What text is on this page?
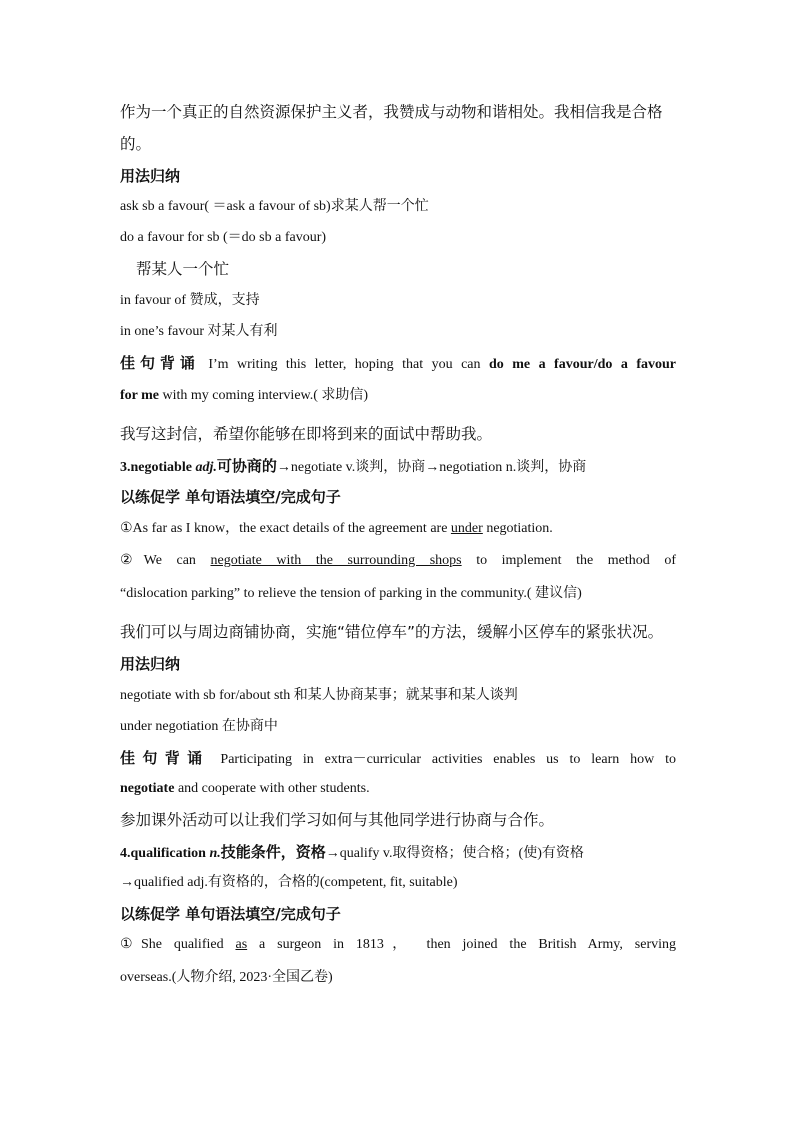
作为一个真正的自然资源保护主义者，我赞成与动物和谐相处。我相信我是合格
的。
用法归纳
ask sb a favour( ＝ask a favour of sb)求某人帮一个忙
do a favour for sb (＝do sb a favour)
帮某人一个忙
in favour of 赞成，支持
in one’s favour 对某人有利
佳句背诵 I’m writing this letter, hoping that you can do me a favour/do a favour
for me with my coming interview.( 求助信)
我写这封信，希望你能够在即将到来的面试中帮助我。
3.negotiable adj.可协商的→negotiate v.谈判，协商→negotiation n.谈判，协商
以练促学 单句语法填空/完成句子
①As far as I know，the exact details of the agreement are under negotiation.
②We can negotiate with the surrounding shops to implement the method of
“dislocation parking” to relieve the tension of parking in the community.( 建议信)
我们可以与周边商铺协商，实施“错位停车”的方法，缓解小区停车的紧张状况。
用法归纳
negotiate with sb for/about sth 和某人协商某事；就某事和某人谈判
under negotiation 在协商中
佳句背诵 Participating in extra－curricular activities enables us to learn how to
negotiate and cooperate with other students.
参加课外活动可以让我们学习如何与其他同学进行协商与合作。
4.qualification n.技能条件，资格→qualify v.取得资格；使合格；(使)有资格
→qualified adj.有资格的，合格的(competent, fit, suitable)
以练促学 单句语法填空/完成句子
①She qualified as a surgeon in 1813， then joined the British Army, serving
overseas.(人物介绍, 2023·全国乙卷)
